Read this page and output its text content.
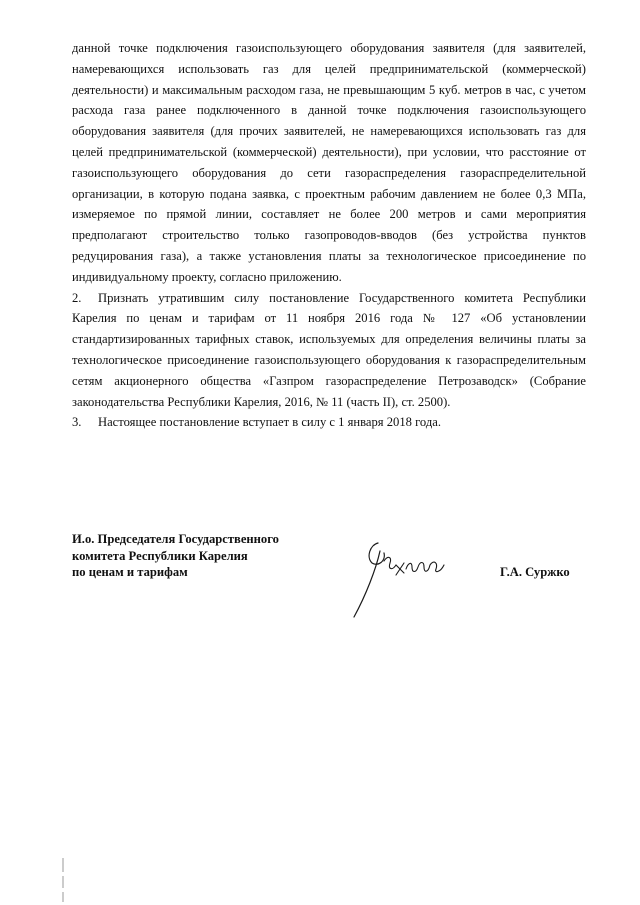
данной точке подключения газоиспользующего оборудования заявителя (для заявителей, намеревающихся использовать газ для целей предпринимательской (коммерческой) деятельности) и максимальным расходом газа, не превышающим 5 куб. метров в час, с учетом расхода газа ранее подключенного в данной точке подключения газоиспользующего оборудования заявителя (для прочих заявителей, не намеревающихся использовать газ для целей предпринимательской (коммерческой) деятельности), при условии, что расстояние от газоиспользующего оборудования до сети газораспределения газораспределительной организации, в которую подана заявка, с проектным рабочим давлением не более 0,3 МПа, измеряемое по прямой линии, составляет не более 200 метров и сами мероприятия предполагают строительство только газопроводов-вводов (без устройства пунктов редуцирования газа), а также установления платы за технологическое присоединение по индивидуальному проекту, согласно приложению.

2. Признать утратившим силу постановление Государственного комитета Республики Карелия по ценам и тарифам от 11 ноября 2016 года № 127 «Об установлении стандартизированных тарифных ставок, используемых для определения величины платы за технологическое присоединение газоиспользующего оборудования к газораспределительным сетям акционерного общества «Газпром газораспределение Петрозаводск» (Собрание законодательства Республики Карелия, 2016, № 11 (часть II), ст. 2500).

3. Настоящее постановление вступает в силу с 1 января 2018 года.

И.о. Председателя Государственного
комитета Республики Карелия
по ценам и тарифам	Г.А. Суржко
